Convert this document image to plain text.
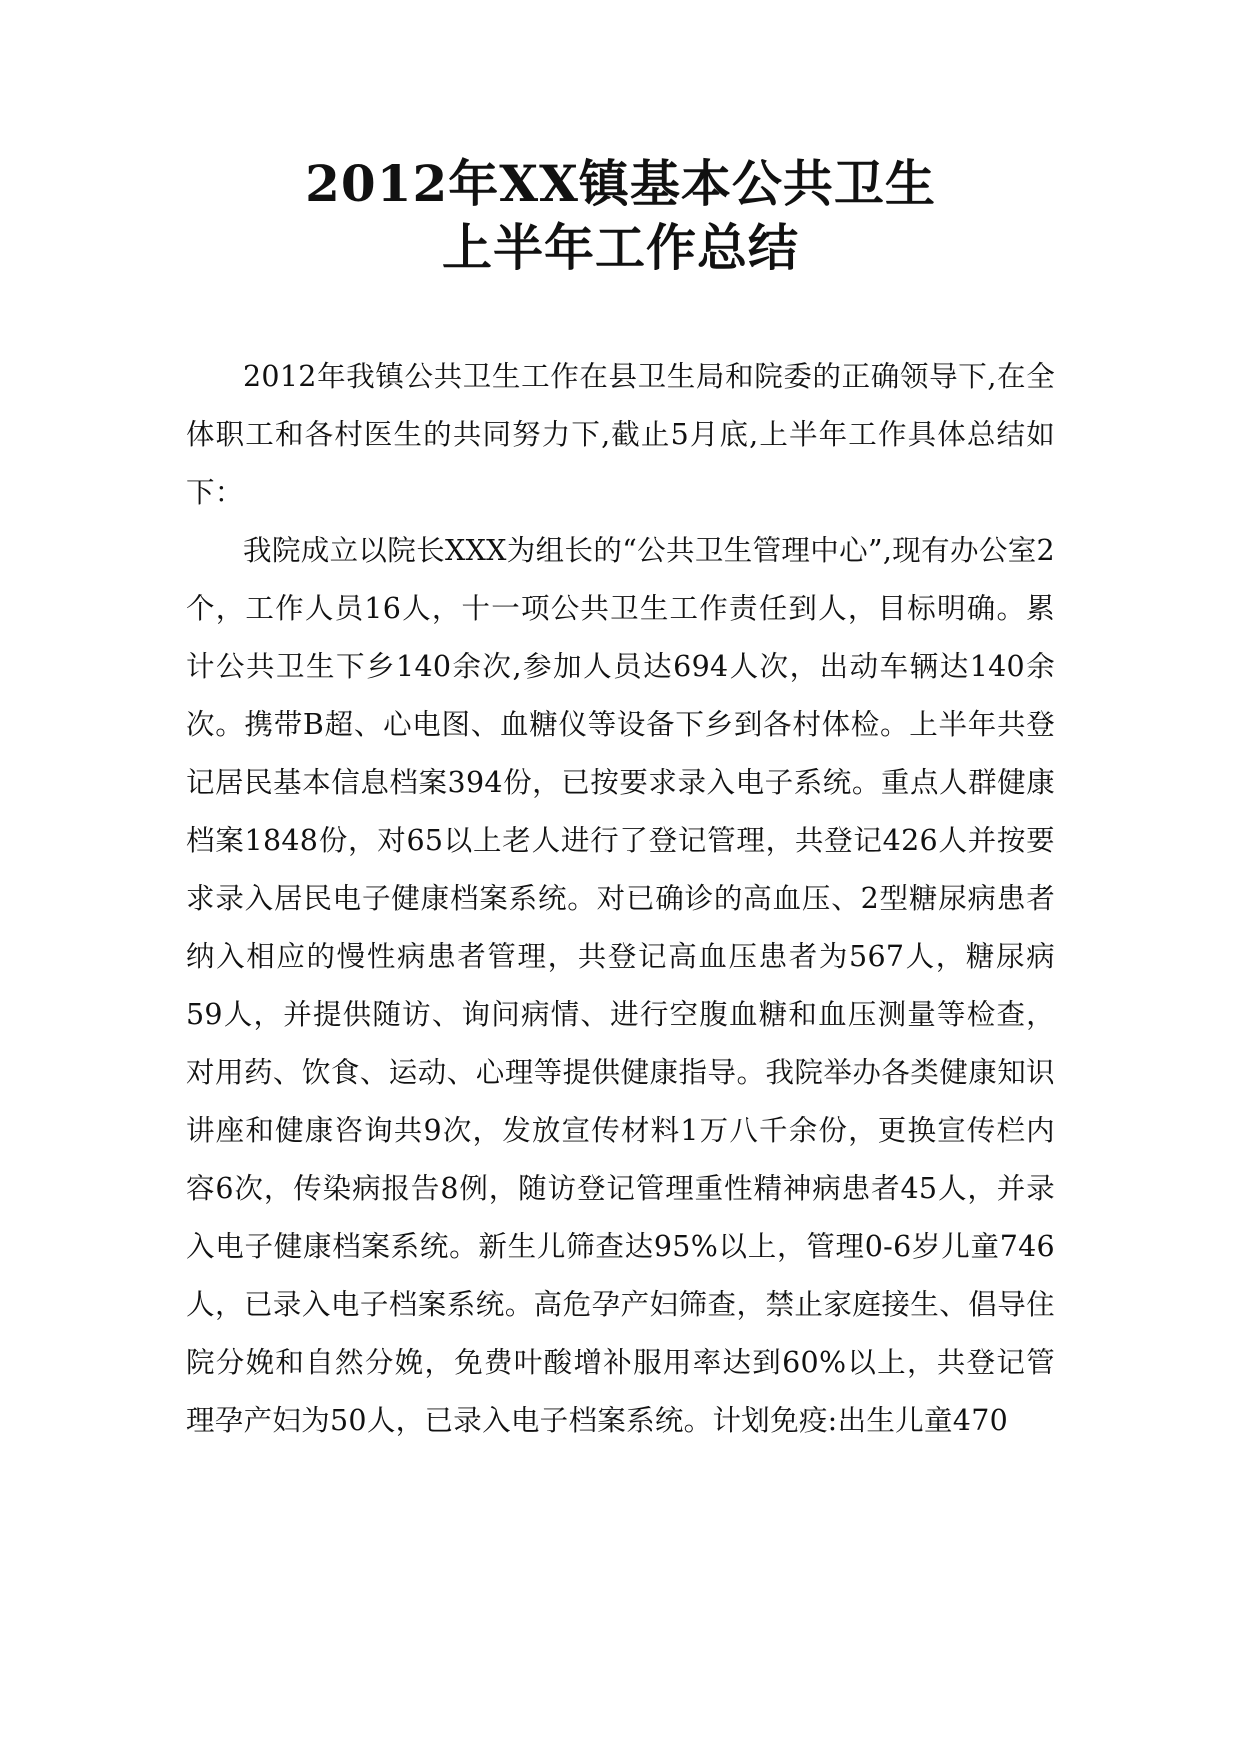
2012年XX镇基本公共卫生

上半年工作总结

2012年我镇公共卫生工作在县卫生局和院委的正确领导下,在全体职工和各村医生的共同努力下,截止5月底,上半年工作具体总结如下：

我院成立以院长XXX为组长的“公共卫生管理中心”,现有办公室2个，工作人员16人，十一项公共卫生工作责任到人，目标明确。累计公共卫生下乡140余次,参加人员达694人次，出动车辆达140余次。携带B超、心电图、血糖仪等设备下乡到各村体检。上半年共登记居民基本信息档案394份，已按要求录入电子系统。重点人群健康档案1848份，对65以上老人进行了登记管理，共登记426人并按要求录入居民电子健康档案系统。对已确诊的高血压、2型糖尿病患者纳入相应的慢性病患者管理，共登记高血压患者为567人，糖尿病59人，并提供随访、询问病情、进行空腹血糖和血压测量等检查，对用药、饮食、运动、心理等提供健康指导。我院举办各类健康知识讲座和健康咨询共9次，发放宣传材料1万八千余份，更换宣传栏内容6次，传染病报告8例，随访登记管理重性精神病患者45人，并录入电子健康档案系统。新生儿筛查达95%以上，管理0-6岁儿童746人，已录入电子档案系统。高危孕产妇筛查，禁止家庭接生、倡导住院分娩和自然分娩，免费叶酸增补服用率达到60%以上，共登记管理孕产妇为50人，已录入电子档案系统。计划免疫:出生儿童470
